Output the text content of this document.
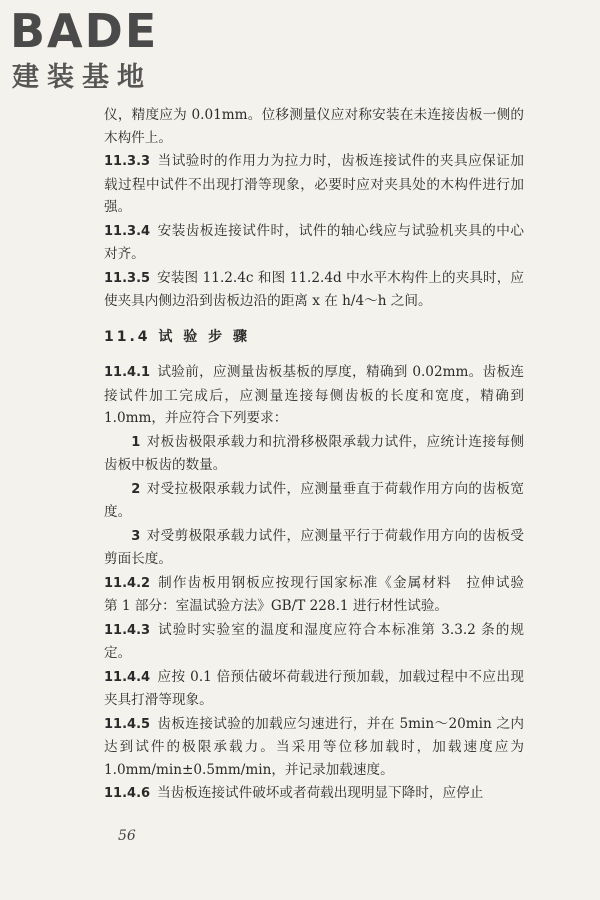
BADE
建装基地

仪，精度应为 0.01mm。位移测量仪应对称安装在未连接齿板一侧的木构件上。

11.3.3 当试验时的作用力为拉力时，齿板连接试件的夹具应保证加载过程中试件不出现打滑等现象，必要时应对夹具处的木构件进行加强。

11.3.4 安装齿板连接试件时，试件的轴心线应与试验机夹具的中心对齐。

11.3.5 安装图 11.2.4c 和图 11.2.4d 中水平木构件上的夹具时，应使夹具内侧边沿到齿板边沿的距离 x 在 h/4～h 之间。

11.4 试 验 步 骤

11.4.1 试验前，应测量齿板基板的厚度，精确到 0.02mm。齿板连接试件加工完成后，应测量连接每侧齿板的长度和宽度，精确到 1.0mm，并应符合下列要求：

1 对板齿极限承载力和抗滑移极限承载力试件，应统计连接每侧齿板中板齿的数量。

2 对受拉极限承载力试件，应测量垂直于荷载作用方向的齿板宽度。

3 对受剪极限承载力试件，应测量平行于荷载作用方向的齿板受剪面长度。

11.4.2 制作齿板用钢板应按现行国家标准《金属材料　拉伸试验　第 1 部分：室温试验方法》GB/T 228.1 进行材性试验。

11.4.3 试验时实验室的温度和湿度应符合本标准第 3.3.2 条的规定。

11.4.4 应按 0.1 倍预估破坏荷载进行预加载，加载过程中不应出现夹具打滑等现象。

11.4.5 齿板连接试验的加载应匀速进行，并在 5min～20min 之内达到试件的极限承载力。当采用等位移加载时，加载速度应为 1.0mm/min±0.5mm/min，并记录加载速度。

11.4.6 当齿板连接试件破坏或者荷载出现明显下降时，应停止

56
